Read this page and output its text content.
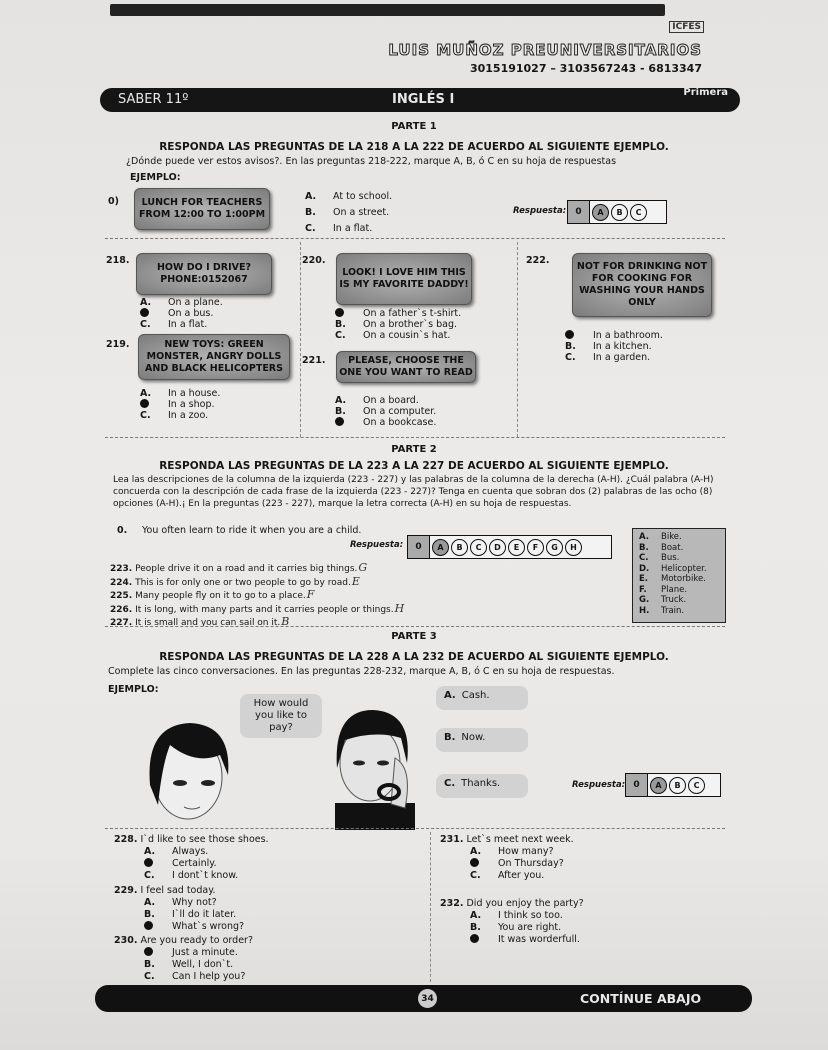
ICFES
LUIS MUÑOZ PREUNIVERSITARIOS
3015191027 – 3103567243 - 6813347
SABER 11º	INGLÉS I	Primera
PARTE 1
RESPONDA LAS PREGUNTAS DE LA 218 A LA 222 DE ACUERDO AL SIGUIENTE EJEMPLO.
¿Dónde puede ver estos avisos?. En las preguntas 218-222, marque A, B, ó C en su hoja de respuestas
EJEMPLO:
0)	LUNCH FOR TEACHERS FROM 12:00 TO 1:00PM
A. At to school.
B. On a street.
C. In a flat.
Respuesta:	0	A	B	C
218.
HOW DO I DRIVE? PHONE:0152067
A. On a plane.
On a bus.
C. In a flat.
219.	NEW TOYS: GREEN MONSTER, ANGRY DOLLS AND BLACK HELICOPTERS
A. In a house.
In a shop.
C. In a zoo.
220.
LOOK! I LOVE HIM THIS IS MY FAVORITE DADDY!
On a father`s t-shirt.
B. On a brother`s bag.
C. On a cousin`s hat.
221.	PLEASE, CHOOSE THE ONE YOU WANT TO READ
A. On a board.
B. On a computer.
On a bookcase.
222.
NOT FOR DRINKING NOT FOR COOKING FOR WASHING YOUR HANDS ONLY
In a bathroom.
B. In a kitchen.
C. In a garden.
PARTE 2
RESPONDA LAS PREGUNTAS DE LA 223 A LA 227 DE ACUERDO AL SIGUIENTE EJEMPLO.
Lea las descripciones de la columna de la izquierda (223 - 227) y las palabras de la columna de la derecha (A-H). ¿Cuál palabra (A-H) concuerda con la descripción de cada frase de la izquierda (223 - 227)? Tenga en cuenta que sobran dos (2) palabras de las ocho (8) opciones (A-H).¡ En la preguntas (223 - 227), marque la letra correcta (A-H) en su hoja de respuestas.
0. You often learn to ride it when you are a child.
Respuesta:	0	A	B	C	D	E	F	G	H
223. People drive it on a road and it carries big things.G
224. This is for only one or two people to go by road.E
225. Many people fly on it to go to a place.F
226. It is long, with many parts and it carries people or things.H
227. It is small and you can sail on it.B
A. Bike.
B. Boat.
C. Bus.
D. Helicopter.
E. Motorbike.
F. Plane.
G. Truck.
H. Train.
PARTE 3
RESPONDA LAS PREGUNTAS DE LA 228 A LA 232 DE ACUERDO AL SIGUIENTE EJEMPLO.
Complete las cinco conversaciones. En las preguntas 228-232, marque A, B, ó C en su hoja de respuestas.
EJEMPLO:
How would you like to pay?
A. Cash.
B. Now.
C. Thanks.	Respuesta: 0	A	B	C
228. I`d like to see those shoes.
A. Always.
Certainly.
C. I dont`t know.
229. I feel sad today.
A. Why not?
B. I`ll do it later.
What`s wrong?
230. Are you ready to order?
Just a minute.
B. Well, I don`t.
C. Can I help you?
231. Let`s meet next week.
A. How many?
On Thursday?
C. After you.
232. Did you enjoy the party?
A. I think so too.
B. You are right.
It was worderfull.
34	CONTÍNUE ABAJO
